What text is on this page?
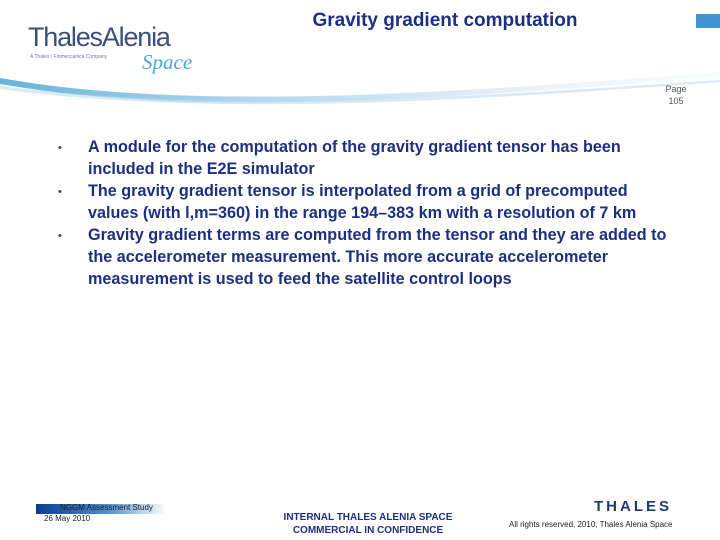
ThalesAlenia
A Thales / Finmeccanica Company Space
Gravity gradient computation
Page
105
• A module for the computation of the gravity gradient tensor has been included in the E2E simulator
• The gravity gradient tensor is interpolated from a grid of precomputed values (with l,m=360) in the range 194–383 km with a resolution of 7 km
• Gravity gradient terms are computed from the tensor and they are added to the accelerometer measurement. This more accurate accelerometer measurement is used to feed the satellite control loops
NGGM Assessment Study
26 May 2010	INTERNAL THALES ALENIA SPACE
COMMERCIAL IN CONFIDENCE
THALES
All rights reserved, 2010, Thales Alenia Space
